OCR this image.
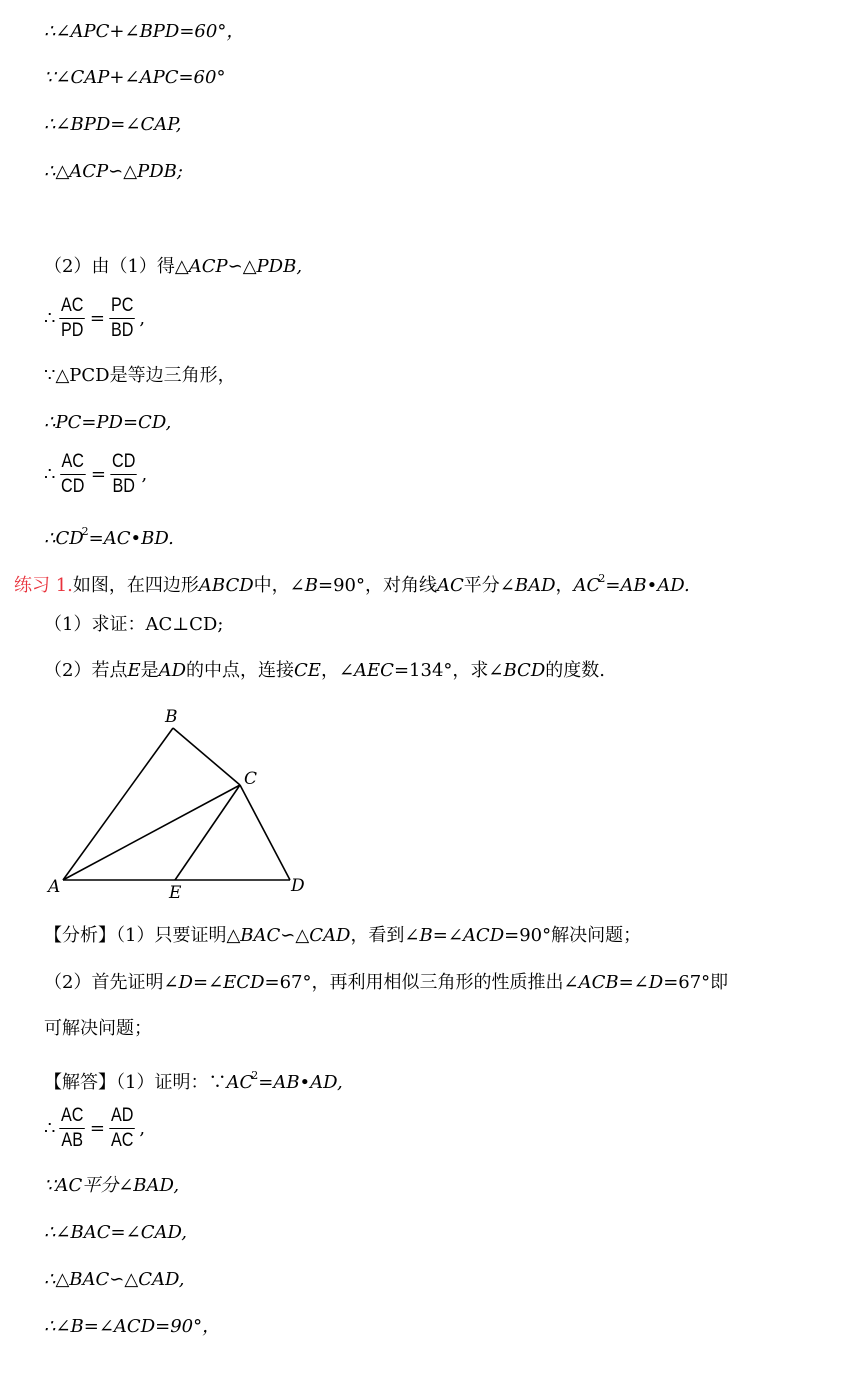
∴∠APC+∠BPD=60°，
∵∠CAP+∠APC=60°
∴∠BPD=∠CAP,
∴△ACP∽△PDB;
（2）由（1）得△ACP∽△PDB,
∴ $\frac{AC}{PD} = \frac{PC}{BD}$ ,
∵△PCD是等边三角形，
∴PC=PD=CD,
∴ $\frac{AC}{CD} = \frac{CD}{BD}$ ,
$\therefore CD^2=AC•BD$.
练习 1.如图，在四边形ABCD中，∠B=90°，对角线AC平分∠BAD，$AC^2=AB•AD$.
（1）求证：AC⊥CD;
（2）若点E是AD的中点，连接CE，∠AEC=134°，求∠BCD的度数.
B
C
A	E	D
【分析】（1）只要证明△BAC∽△CAD，看到∠B=∠ACD=90°解决问题；
（2）首先证明∠D=∠ECD=67°，再利用相似三角形的性质推出∠ACB=∠D=67°即
可解决问题；
【解答】（1）证明：$\because AC^2=AB•AD$,
∴ $\frac{AC}{AB} = \frac{AD}{AC}$ ,
∵AC平分∠BAD,
∴∠BAC=∠CAD,
∴△BAC∽△CAD,
∴∠B=∠ACD=90°，
